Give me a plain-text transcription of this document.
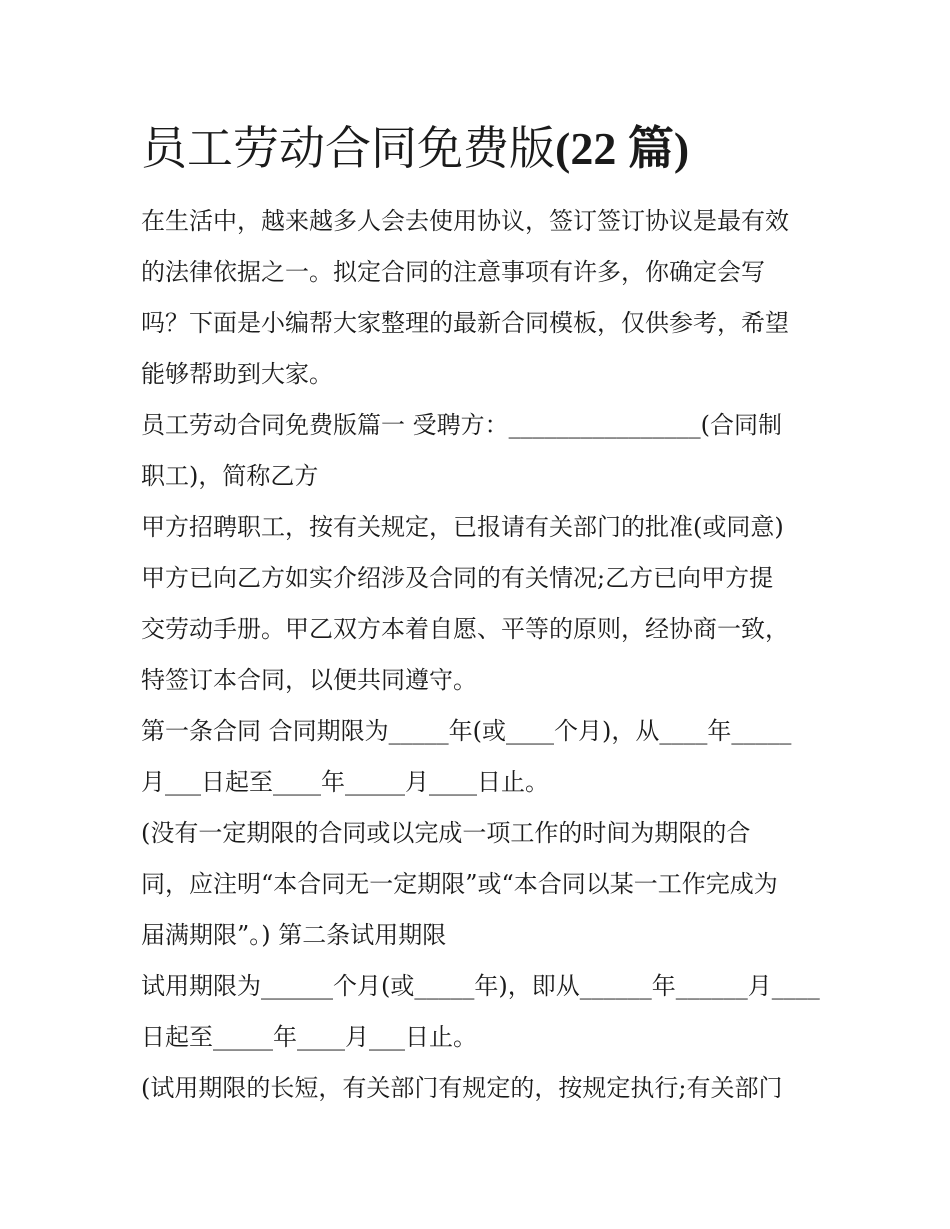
员工劳动合同免费版(22 篇)
在生活中，越来越多人会去使用协议，签订签订协议是最有效
的法律依据之一。拟定合同的注意事项有许多，你确定会写
吗？下面是小编帮大家整理的最新合同模板，仅供参考，希望
能够帮助到大家。
员工劳动合同免费版篇一 受聘方：________________(合同制
职工)，简称乙方
甲方招聘职工，按有关规定，已报请有关部门的批准(或同意)
甲方已向乙方如实介绍涉及合同的有关情况;乙方已向甲方提
交劳动手册。甲乙双方本着自愿、平等的原则，经协商一致，
特签订本合同，以便共同遵守。
第一条合同 合同期限为_____年(或____个月)，从____年_____
月___日起至____年_____月____日止。
(没有一定期限的合同或以完成一项工作的时间为期限的合
同，应注明“本合同无一定期限”或“本合同以某一工作完成为
届满期限”。) 第二条试用期限
试用期限为______个月(或_____年)，即从______年______月____
日起至_____年____月___日止。
(试用期限的长短，有关部门有规定的，按规定执行;有关部门
